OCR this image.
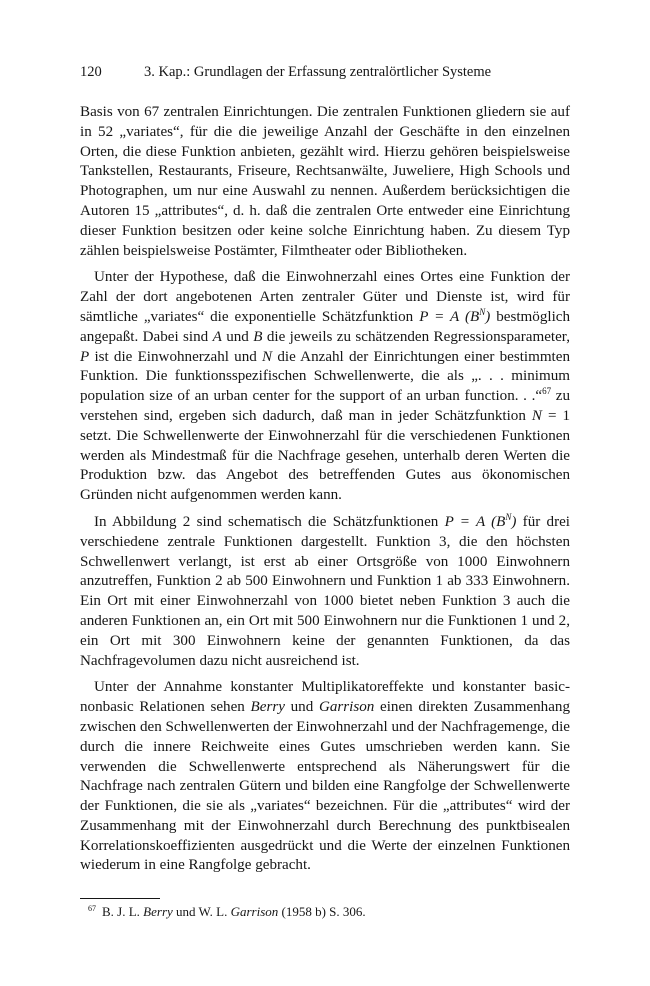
120	3. Kap.: Grundlagen der Erfassung zentralörtlicher Systeme

Basis von 67 zentralen Einrichtungen. Die zentralen Funktionen gliedern sie auf in 52 „variates“, für die die jeweilige Anzahl der Geschäfte in den einzelnen Orten, die diese Funktion anbieten, gezählt wird. Hierzu gehören beispielsweise Tankstellen, Restaurants, Friseure, Rechtsanwälte, Juweliere, High Schools und Photographen, um nur eine Auswahl zu nennen. Außerdem berücksichtigen die Autoren 15 „attributes“, d. h. daß die zentralen Orte entweder eine Einrichtung dieser Funktion besitzen oder keine solche Einrichtung haben. Zu diesem Typ zählen beispielsweise Postämter, Filmtheater oder Bibliotheken.

Unter der Hypothese, daß die Einwohnerzahl eines Ortes eine Funktion der Zahl der dort angebotenen Arten zentraler Güter und Dienste ist, wird für sämtliche „variates“ die exponentielle Schätzfunktion P = A $(B^N)$ bestmöglich angepaßt. Dabei sind A und B die jeweils zu schätzenden Regressionsparameter, P ist die Einwohnerzahl und N die Anzahl der Einrichtungen einer bestimmten Funktion. Die funktionsspezifischen Schwellenwerte, die als „. . . minimum population size of an urban center for the support of an urban function. . .“$^{67}$ zu verstehen sind, ergeben sich dadurch, daß man in jeder Schätzfunktion N = 1 setzt. Die Schwellenwerte der Einwohnerzahl für die verschiedenen Funktionen werden als Mindestmaß für die Nachfrage gesehen, unterhalb deren Werten die Produktion bzw. das Angebot des betreffenden Gutes aus ökonomischen Gründen nicht aufgenommen werden kann.

In Abbildung 2 sind schematisch die Schätzfunktionen P = A $(B^N)$ für drei verschiedene zentrale Funktionen dargestellt. Funktion 3, die den höchsten Schwellenwert verlangt, ist erst ab einer Ortsgröße von 1000 Einwohnern anzutreffen, Funktion 2 ab 500 Einwohnern und Funktion 1 ab 333 Einwohnern. Ein Ort mit einer Einwohnerzahl von 1000 bietet neben Funktion 3 auch die anderen Funktionen an, ein Ort mit 500 Einwohnern nur die Funktionen 1 und 2, ein Ort mit 300 Einwohnern keine der genannten Funktionen, da das Nachfragevolumen dazu nicht ausreichend ist.

Unter der Annahme konstanter Multiplikatoreffekte und konstanter basic-nonbasic Relationen sehen Berry und Garrison einen direkten Zusammenhang zwischen den Schwellenwerten der Einwohnerzahl und der Nachfragemenge, die durch die innere Reichweite eines Gutes umschrieben werden kann. Sie verwenden die Schwellenwerte entsprechend als Näherungswert für die Nachfrage nach zentralen Gütern und bilden eine Rangfolge der Schwellenwerte der Funktionen, die sie als „variates“ bezeichnen. Für die „attributes“ wird der Zusammenhang mit der Einwohnerzahl durch Berechnung des punktbisealen Korrelationskoeffizienten ausgedrückt und die Werte der einzelnen Funktionen wiederum in eine Rangfolge gebracht.

$^{67}$ B. J. L. Berry und W. L. Garrison (1958 b) S. 306.
